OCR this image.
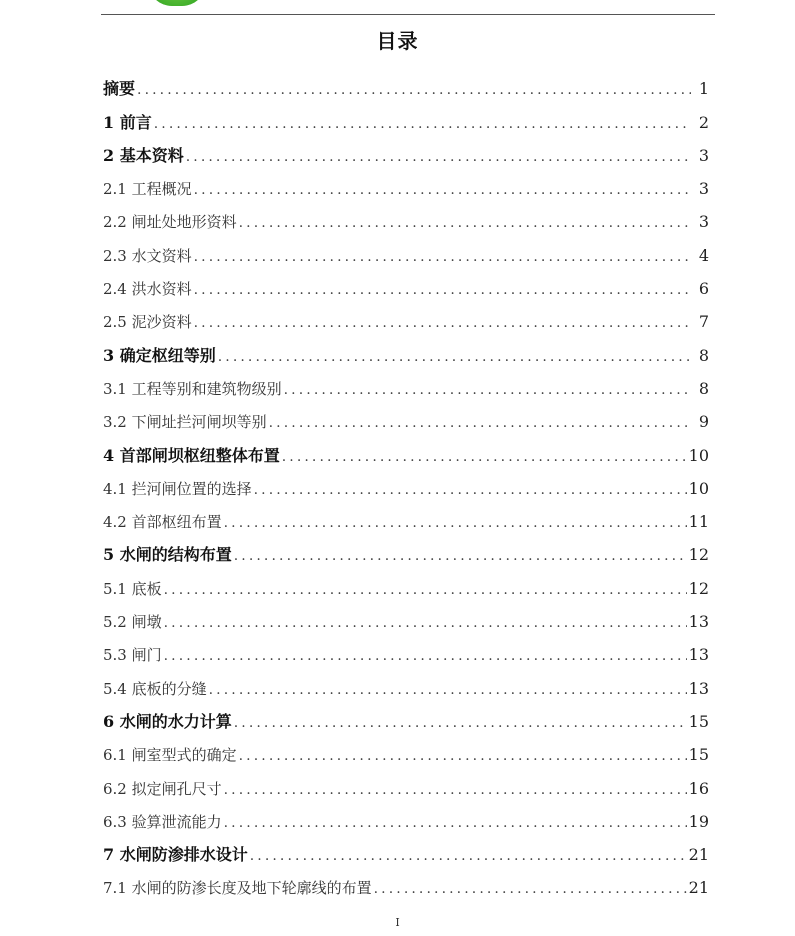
目录
摘要 .....	1
1 前言 .....	2
2 基本资料 .....	3
2.1 工程概况 .....	3
2.2 闸址处地形资料 .....	3
2.3 水文资料 .....	4
2.4 洪水资料 .....	6
2.5 泥沙资料 .....	7
3 确定枢纽等别 .....	8
3.1 工程等别和建筑物级别 .....	8
3.2 下闸址拦河闸坝等别 .....	9
4 首部闸坝枢纽整体布置 .....	10
4.1 拦河闸位置的选择 .....	10
4.2 首部枢纽布置 .....	11
5 水闸的结构布置 .....	12
5.1 底板 .....	12
5.2 闸墩 .....	13
5.3 闸门 .....	13
5.4 底板的分缝 .....	13
6 水闸的水力计算 .....	15
6.1 闸室型式的确定 .....	15
6.2 拟定闸孔尺寸 .....	16
6.3 验算泄流能力 .....	19
7 水闸防渗排水设计 .....	21
7.1 水闸的防渗长度及地下轮廓线的布置 .....	21
I
